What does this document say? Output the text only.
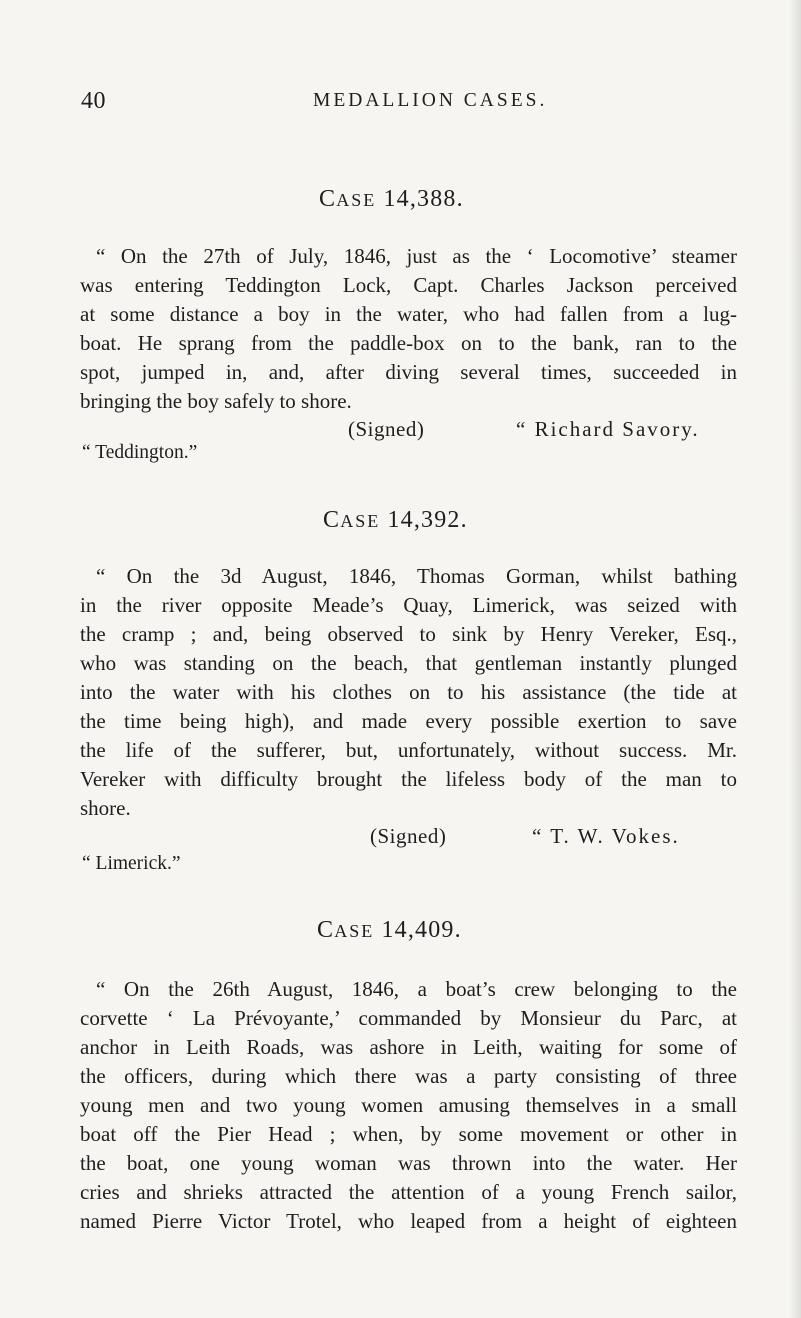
40	MEDALLION CASES.
CASE 14,388.
“ On the 27th of July, 1846, just as the ‘ Locomotive’ steamer
was entering Teddington Lock, Capt. Charles Jackson perceived
at some distance a boy in the water, who had fallen from a lug-
boat. He sprang from the paddle-box on to the bank, ran to the
spot, jumped in, and, after diving several times, succeeded in
bringing the boy safely to shore.
(Signed)	“ Richard Savory.
“ Teddington.”
CASE 14,392.
“ On the 3d August, 1846, Thomas Gorman, whilst bathing
in the river opposite Meade’s Quay, Limerick, was seized with
the cramp ; and, being observed to sink by Henry Vereker, Esq.,
who was standing on the beach, that gentleman instantly plunged
into the water with his clothes on to his assistance (the tide at
the time being high), and made every possible exertion to save
the life of the sufferer, but, unfortunately, without success. Mr.
Vereker with difficulty brought the lifeless body of the man to
shore.
(Signed)	“ T. W. Vokes.
“ Limerick.”
CASE 14,409.
“ On the 26th August, 1846, a boat’s crew belonging to the
corvette ‘ La Prévoyante,’ commanded by Monsieur du Parc, at
anchor in Leith Roads, was ashore in Leith, waiting for some of
the officers, during which there was a party consisting of three
young men and two young women amusing themselves in a small
boat off the Pier Head ; when, by some movement or other in
the boat, one young woman was thrown into the water. Her
cries and shrieks attracted the attention of a young French sailor,
named Pierre Victor Trotel, who leaped from a height of eighteen
